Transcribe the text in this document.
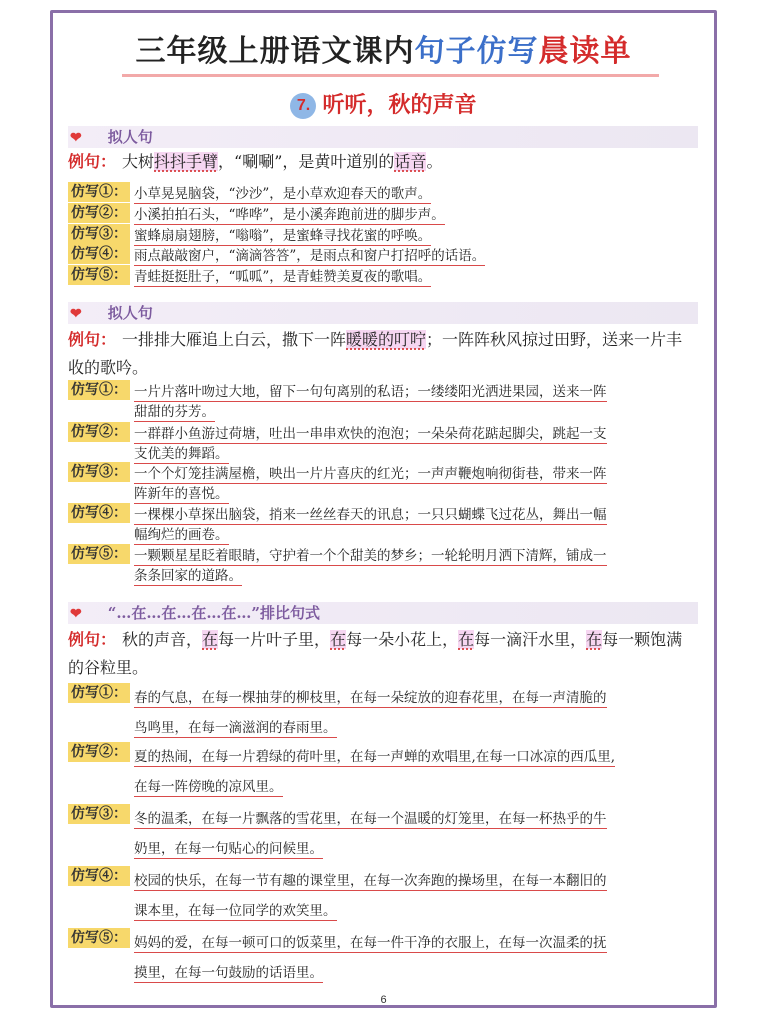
三年级上册语文课内句子仿写晨读单
7. 听听，秋的声音
❤ 拟人句
例句： 大树抖抖手臂，“唰唰”，是黄叶道别的话音。
仿写①： 小草晃晃脑袋，“沙沙”，是小草欢迎春天的歌声。
仿写②： 小溪拍拍石头，“哗哗”，是小溪奔跑前进的脚步声。
仿写③： 蜜蜂扇扇翅膀，“嗡嗡”，是蜜蜂寻找花蜜的呼唤。
仿写④： 雨点敲敲窗户，“滴滴答答”，是雨点和窗户打招呼的话语。
仿写⑤： 青蛙挺挺肚子，“呱呱”，是青蛙赞美夏夜的歌唱。
❤ 拟人句
例句： 一排排大雁追上白云，撒下一阵暖暖的叮咛；一阵阵秋风掠过田野，送来一片丰收的歌吟。
仿写①： 一片片落叶吻过大地，留下一句句离别的私语；一缕缕阳光洒进果园，送来一阵
甜甜的芬芳。
仿写②： 一群群小鱼游过荷塘，吐出一串串欢快的泡泡；一朵朵荷花踮起脚尖，跳起一支
支优美的舞蹈。
仿写③： 一个个灯笼挂满屋檐，映出一片片喜庆的红光；一声声鞭炮响彻街巷，带来一阵
阵新年的喜悦。
仿写④： 一棵棵小草探出脑袋，捎来一丝丝春天的讯息；一只只蝴蝶飞过花丛，舞出一幅
幅绚烂的画卷。
仿写⑤： 一颗颗星星眨着眼睛，守护着一个个甜美的梦乡；一轮轮明月洒下清辉，铺成一
条条回家的道路。
❤ “…在…在…在…在…”排比句式
例句： 秋的声音，在每一片叶子里，在每一朵小花上，在每一滴汗水里，在每一颗饱满的谷粒里。
仿写①： 春的气息，在每一棵抽芽的柳枝里，在每一朵绽放的迎春花里，在每一声清脆的
鸟鸣里，在每一滴滋润的春雨里。
仿写②： 夏的热闹，在每一片碧绿的荷叶里，在每一声蝉的欢唱里,在每一口冰凉的西瓜里,
在每一阵傍晚的凉风里。
仿写③： 冬的温柔，在每一片飘落的雪花里，在每一个温暖的灯笼里，在每一杯热乎的牛
奶里，在每一句贴心的问候里。
仿写④： 校园的快乐，在每一节有趣的课堂里，在每一次奔跑的操场里，在每一本翻旧的
课本里，在每一位同学的欢笑里。
仿写⑤： 妈妈的爱，在每一顿可口的饭菜里，在每一件干净的衣服上，在每一次温柔的抚
摸里，在每一句鼓励的话语里。
6
